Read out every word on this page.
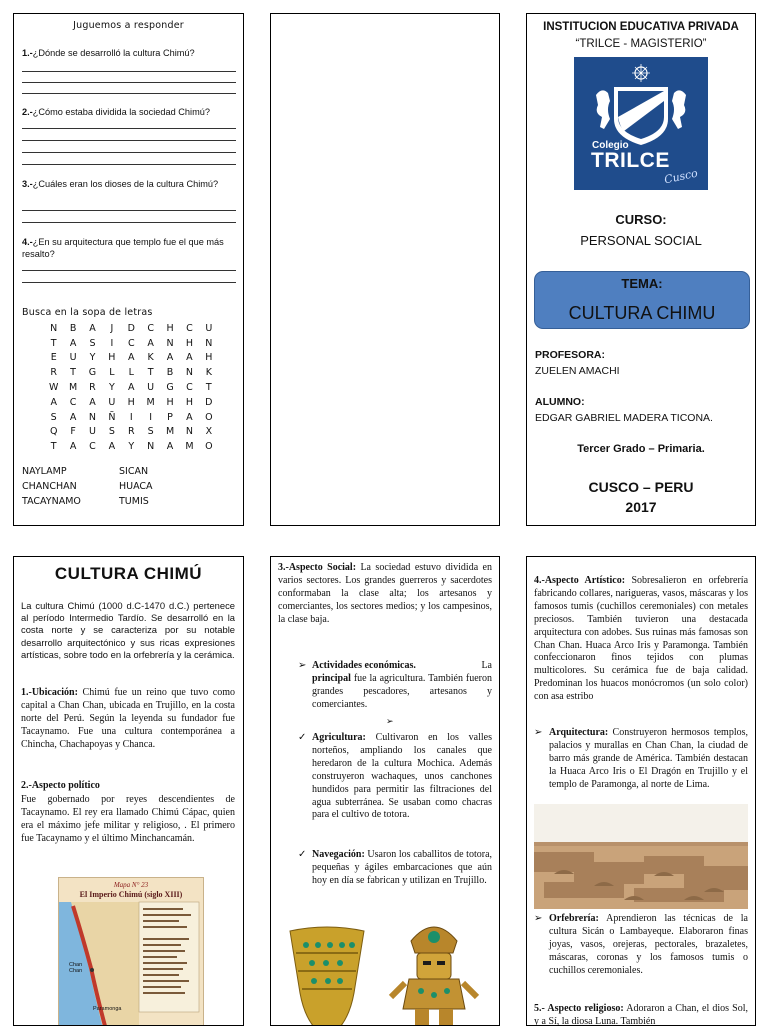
Juguemos a responder
1.-¿Dónde se desarrolló la cultura Chimú?
2.-¿Cómo estaba dividida la sociedad Chimú?
3.-¿Cuáles eran los dioses de la cultura Chimú?
4.-¿En su arquitectura que templo fue el que más resalto?
Busca en la sopa de letras
N	B	A	J	D	C	H	C	U
T	A	S	I	C	A	N	H	N
E	U	Y	H	A	K	A	A	H
R	T	G	L	L	T	B	N	K
W	M	R	Y	A	U	G	C	T
A	C	A	U	H	M	H	H	D
S	A	N	Ñ	I	I	P	A	O
Q	F	U	S	R	S	M	N	X
T	A	C	A	Y	N	A	M	O
NAYLAMP
CHANCHAN
TACAYNAMO
SICAN
HUACA
TUMIS
INSTITUCION EDUCATIVA PRIVADA
“TRILCE - MAGISTERIO”
Colegio
TRILCE
Cusco
CURSO:
PERSONAL SOCIAL
TEMA:
CULTURA CHIMU
PROFESORA:
ZUELEN AMACHI
ALUMNO:
EDGAR GABRIEL MADERA TICONA.
Tercer Grado – Primaria.
CUSCO – PERU
2017
CULTURA CHIMÚ
La cultura Chimú (1000 d.C-1470 d.C.) pertenece al período Intermedio Tardío. Se desarrolló en la costa norte y se caracteriza por su notable desarrollo arquitectónico y sus ricas expresiones artísticas, sobre todo en la orfebrería y la cerámica.
1.-Ubicación: Chimú fue un reino que tuvo como capital a Chan Chan, ubicada en Trujillo, en la costa norte del Perú. Según la leyenda su fundador fue Tacaynamo. Fue una cultura contemporánea a Chincha, Chachapoyas y Chanca.
2.-Aspecto político
Fue gobernado por reyes descendientes de Tacaynamo. El rey era llamado Chimú Cápac, quien era el máximo jefe militar y religioso, . El primero fue Tacaynamo y el último Minchancamán.
Mapa N° 23
El Imperio Chimú (siglo XIII)
Chan Chan
Paramonga
3.-Aspecto Social: La sociedad estuvo dividida en varios sectores. Los grandes guerreros y sacerdotes conformaban la clase alta; los artesanos y comerciantes, los sectores medios; y los campesinos, la clase baja.
➢ Actividades económicas.	La

principal fue la agricultura. También fueron grandes pescadores, artesanos y comerciantes.
➢
✓ Agricultura: Cultivaron en los valles norteños, ampliando los canales que heredaron de la cultura Mochica. Además construyeron wachaques, unos canchones hundidos para permitir las filtraciones del agua subterránea. Se usaban como chacras para el cultivo de totora.
✓ Navegación: Usaron los caballitos de totora, pequeñas y ágiles embarcaciones que aún hoy en día se fabrican y utilizan en Trujillo.
4.-Aspecto Artístico: Sobresalieron en orfebrería fabricando collares, narigueras, vasos, máscaras y los famosos tumis (cuchillos ceremoniales) con metales preciosos. También tuvieron una destacada arquitectura con adobes. Sus ruinas más famosas son Chan Chan. Huaca Arco Iris y Paramonga. También confeccionaron finos tejidos con plumas multicolores. Su cerámica fue de baja calidad. Predominan los huacos monócromos (un solo color) con asa estribo
➢ Arquitectura: Construyeron hermosos templos, palacios y murallas en Chan Chan, la ciudad de barro más grande de América. También destacan la Huaca Arco Iris o El Dragón en Trujillo y el templo de Paramonga, al norte de Lima.
➢ Orfebrería: Aprendieron las técnicas de la cultura Sicán o Lambayeque. Elaboraron finas joyas, vasos, orejeras, pectorales, brazaletes, máscaras, coronas y los famosos tumis o cuchillos ceremoniales.
5.- Aspecto religioso: Adoraron a Chan, el dios Sol, y a Sí, la diosa Luna. También
